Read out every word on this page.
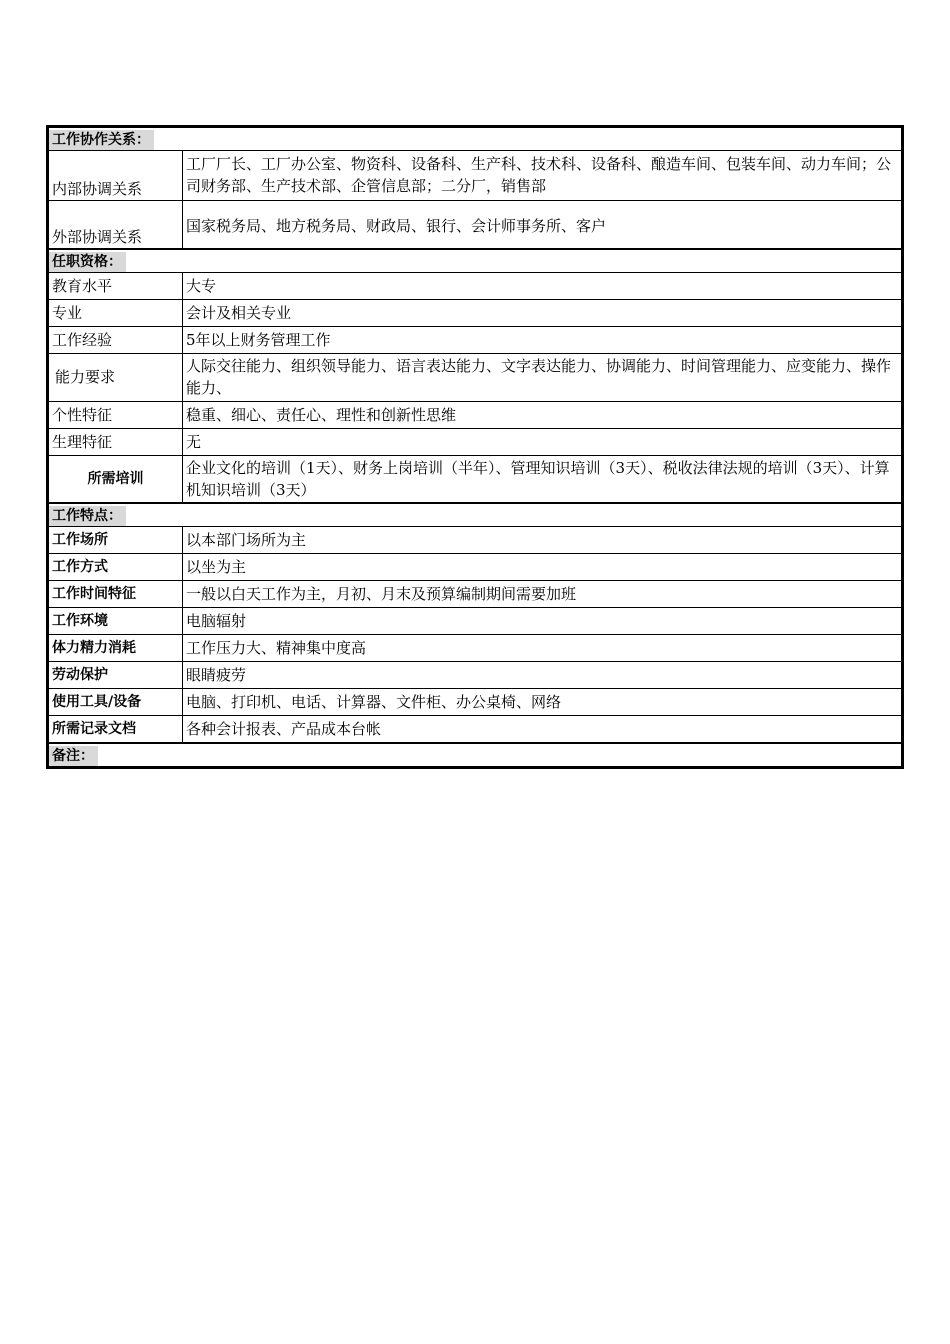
工作协作关系：	
内部协调关系	工厂厂长、工厂办公室、物资科、设备科、生产科、技术科、设备科、酿造车间、包装车间、动力车间；公司财务部、生产技术部、企管信息部；二分厂，销售部
外部协调关系	国家税务局、地方税务局、财政局、银行、会计师事务所、客户
任职资格：	
教育水平	大专
专业	会计及相关专业
工作经验	5年以上财务管理工作
能力要求	人际交往能力、组织领导能力、语言表达能力、文字表达能力、协调能力、时间管理能力、应变能力、操作能力、
个性特征	稳重、细心、责任心、理性和创新性思维
生理特征	无
所需培训	企业文化的培训（1天）、财务上岗培训（半年）、管理知识培训（3天）、税收法律法规的培训（3天）、计算机知识培训（3天）
工作特点：	
工作场所	以本部门场所为主
工作方式	以坐为主
工作时间特征	一般以白天工作为主，月初、月末及预算编制期间需要加班
工作环境	电脑辐射
体力精力消耗	工作压力大、精神集中度高
劳动保护	眼睛疲劳
使用工具/设备	电脑、打印机、电话、计算器、文件柜、办公桌椅、网络
所需记录文档	各种会计报表、产品成本台帐
备注：	
